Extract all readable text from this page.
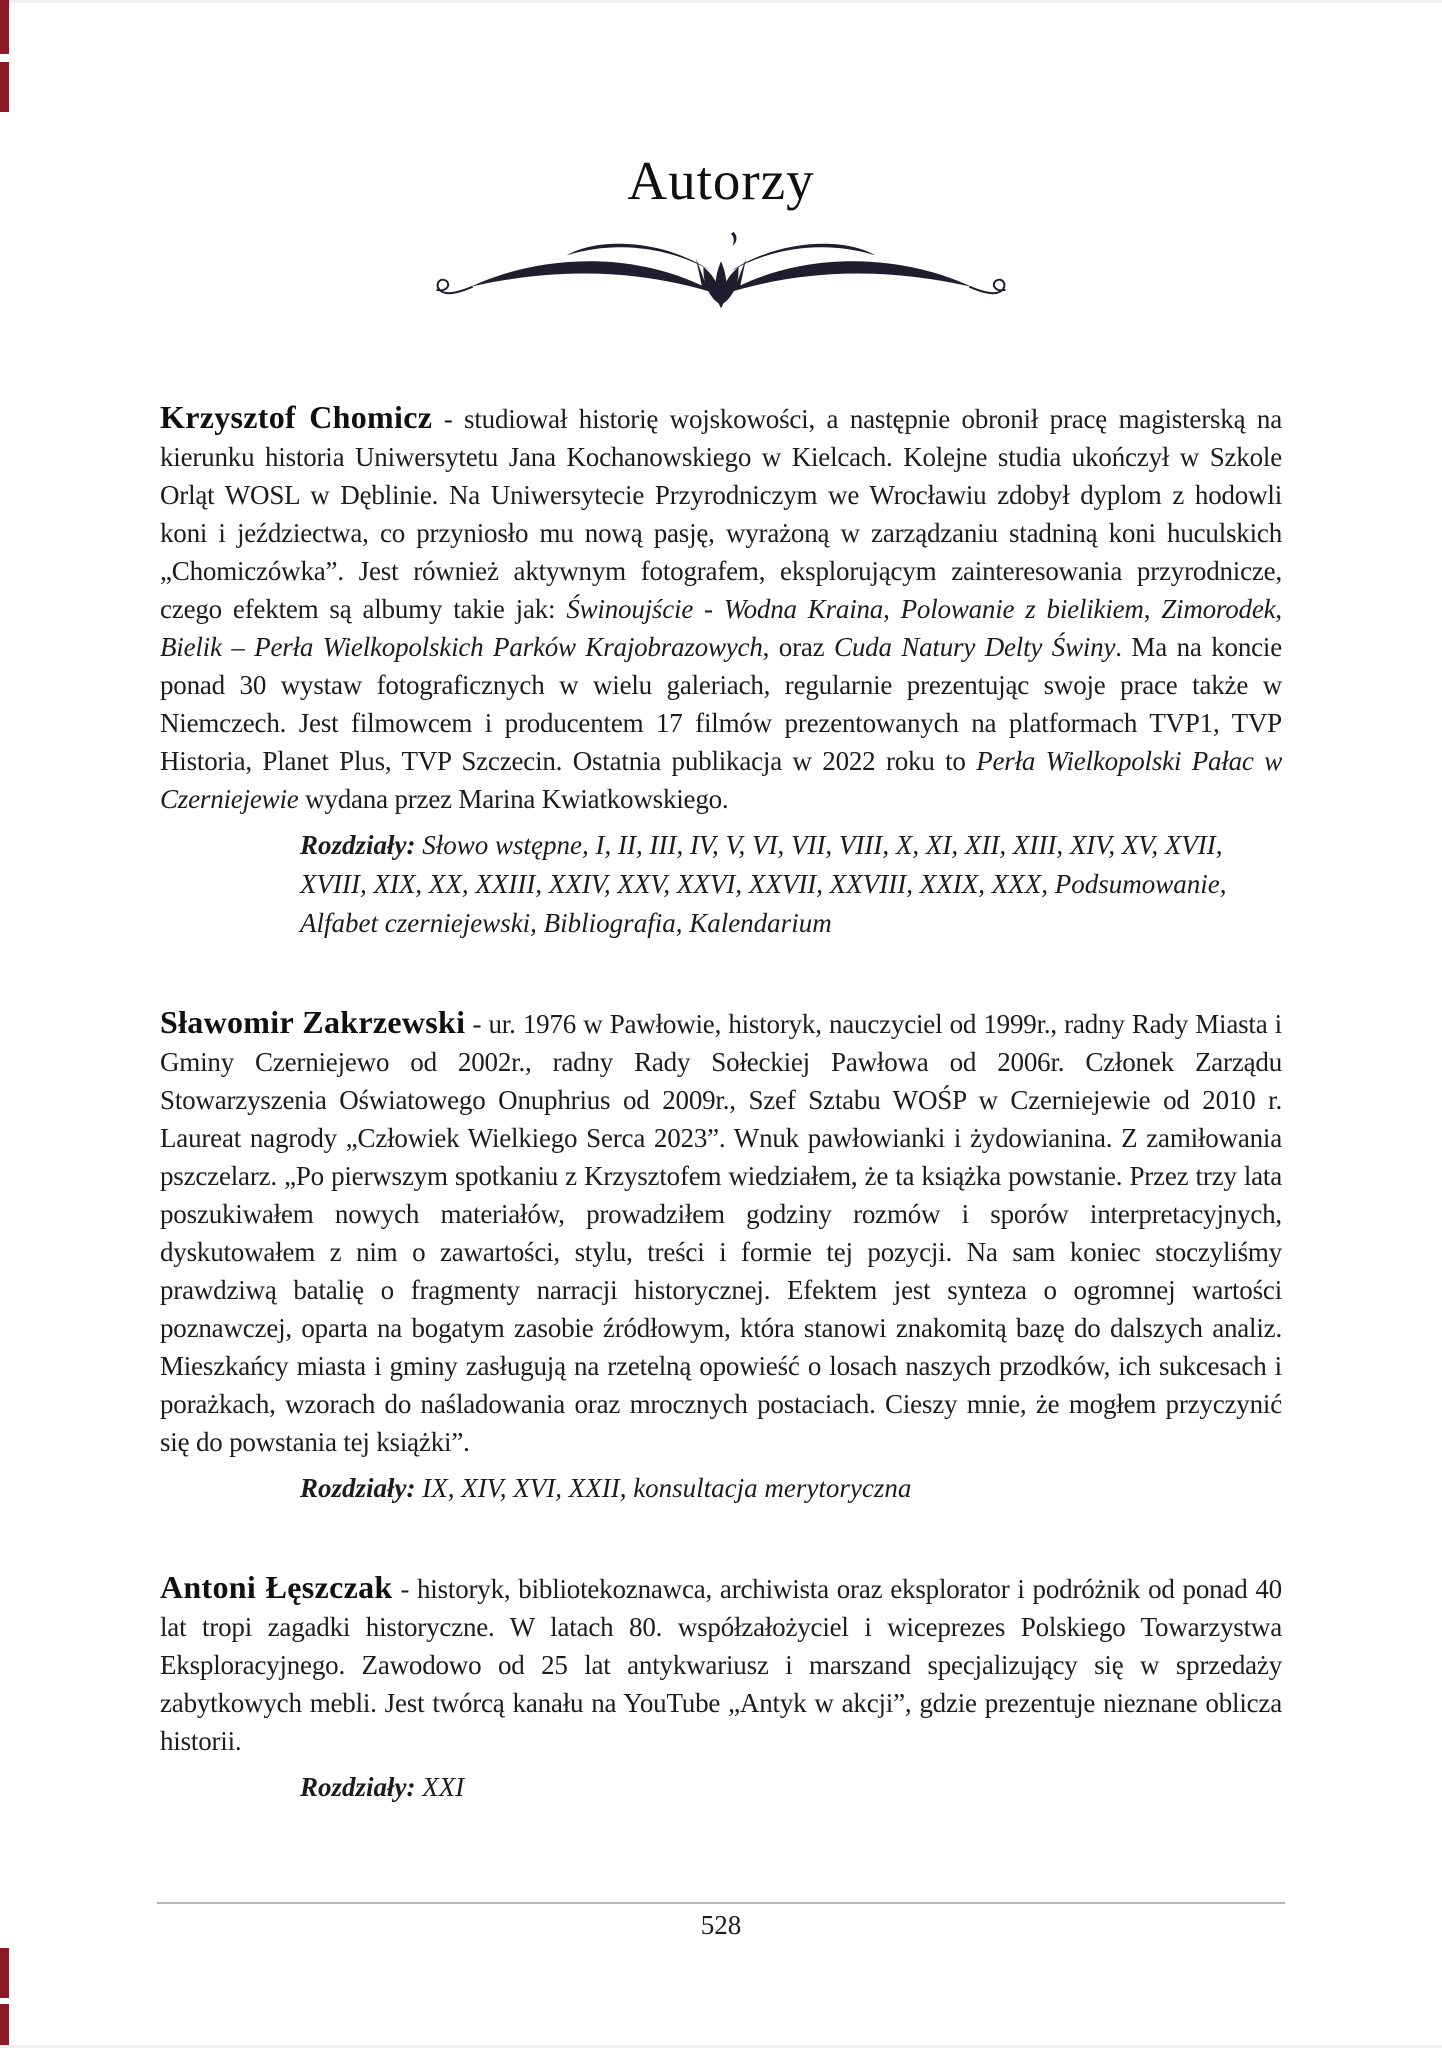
Autorzy

Krzysztof Chomicz - studiował historię wojskowości, a następnie obronił pracę magisterską na kierunku historia Uniwersytetu Jana Kochanowskiego w Kielcach. Kolejne studia ukończył w Szkole Orląt WOSL w Dęblinie. Na Uniwersytecie Przyrodniczym we Wrocławiu zdobył dyplom z hodowli koni i jeździectwa, co przyniosło mu nową pasję, wyrażoną w zarządzaniu stadniną koni huculskich „Chomiczówka”. Jest również aktywnym fotografem, eksplorującym zainteresowania przyrodnicze, czego efektem są albumy takie jak: Świnoujście - Wodna Kraina, Polowanie z bielikiem, Zimorodek, Bielik – Perła Wielkopolskich Parków Krajobrazowych, oraz Cuda Natury Delty Świny. Ma na koncie ponad 30 wystaw fotograficznych w wielu galeriach, regularnie prezentując swoje prace także w Niemczech. Jest filmowcem i producentem 17 filmów prezentowanych na platformach TVP1, TVP Historia, Planet Plus, TVP Szczecin. Ostatnia publikacja w 2022 roku to Perła Wielkopolski Pałac w Czerniejewie wydana przez Marina Kwiatkowskiego.

Rozdziały: Słowo wstępne, I, II, III, IV, V, VI, VII, VIII, X, XI, XII, XIII, XIV, XV, XVII, XVIII, XIX, XX, XXIII, XXIV, XXV, XXVI, XXVII, XXVIII, XXIX, XXX, Podsumowanie, Alfabet czerniejewski, Bibliografia, Kalendarium

Sławomir Zakrzewski - ur. 1976 w Pawłowie, historyk, nauczyciel od 1999r., radny Rady Miasta i Gminy Czerniejewo od 2002r., radny Rady Sołeckiej Pawłowa od 2006r. Członek Zarządu Stowarzyszenia Oświatowego Onuphrius od 2009r., Szef Sztabu WOŚP w Czerniejewie od 2010 r. Laureat nagrody „Człowiek Wielkiego Serca 2023”. Wnuk pawłowianki i żydowianina. Z zamiłowania pszczelarz. „Po pierwszym spotkaniu z Krzysztofem wiedziałem, że ta książka powstanie. Przez trzy lata poszukiwałem nowych materiałów, prowadziłem godziny rozmów i sporów interpretacyjnych, dyskutowałem z nim o zawartości, stylu, treści i formie tej pozycji. Na sam koniec stoczyliśmy prawdziwą batalię o fragmenty narracji historycznej. Efektem jest synteza o ogromnej wartości poznawczej, oparta na bogatym zasobie źródłowym, która stanowi znakomitą bazę do dalszych analiz. Mieszkańcy miasta i gminy zasługują na rzetelną opowieść o losach naszych przodków, ich sukcesach i porażkach, wzorach do naśladowania oraz mrocznych postaciach. Cieszy mnie, że mogłem przyczynić się do powstania tej książki”.

Rozdziały: IX, XIV, XVI, XXII, konsultacja merytoryczna

Antoni Łęszczak - historyk, bibliotekoznawca, archiwista oraz eksplorator i podróżnik od ponad 40 lat tropi zagadki historyczne. W latach 80. współzałożyciel i wiceprezes Polskiego Towarzystwa Eksploracyjnego. Zawodowo od 25 lat antykwariusz i marszand specjalizujący się w sprzedaży zabytkowych mebli. Jest twórcą kanału na YouTube „Antyk w akcji”, gdzie prezentuje nieznane oblicza historii.

Rozdziały: XXI

528
